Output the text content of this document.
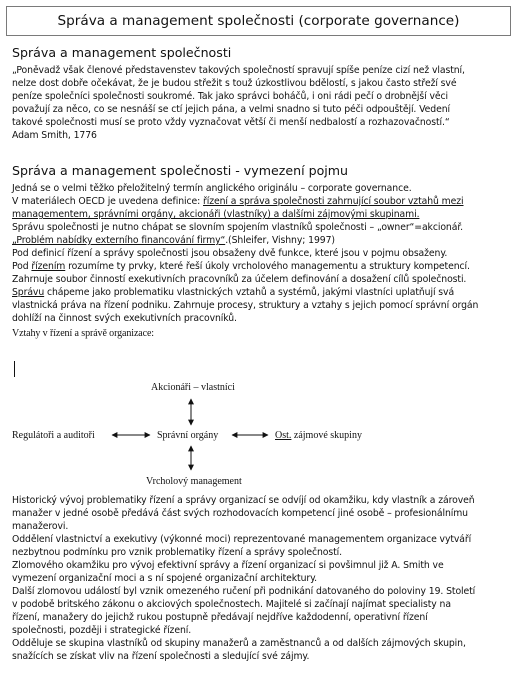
Správa a management společnosti (corporate governance)
Správa a management společnosti
„Poněvadž však členové představenstev takových společností spravují spíše peníze cizí než vlastní,
nelze dost dobře očekávat, že je budou střežit s touž úzkostlivou bdělostí, s jakou často střeží své
peníze společníci společnosti soukromé. Tak jako správci boháčů, i oni rádi pečí o drobnější věci
považují za něco, co se nesnáší se ctí jejich pána, a velmi snadno si tuto péči odpouštějí. Vedení
takové společnosti musí se proto vždy vyznačovat větší či menší nedbalostí a rozhazovačností.“
Adam Smith, 1776
Správa a management společnosti - vymezení pojmu
Jedná se o velmi těžko přeložitelný termín anglického originálu – corporate governance.
V materiálech OECD je uvedena definice: řízení a správa společnosti zahrnující soubor vztahů mezi
managementem, správními orgány, akcionáři (vlastníky) a dalšími zájmovými skupinami.
Správu společnosti je nutno chápat se slovním spojením vlastníků společnosti – „owner“=akcionář.
„Problém nabídky externího financování firmy“.(Shleifer, Vishny; 1997)
Pod definicí řízení a správy společnosti jsou obsaženy dvě funkce, které jsou v pojmu obsaženy.
Pod řízením rozumíme ty prvky, které řeší úkoly vrcholového managementu a struktury kompetencí.
Zahrnuje soubor činností exekutivních pracovníků za účelem definování a dosažení cílů společnosti.
Správu chápeme jako problematiku vlastnických vztahů a systémů, jakými vlastníci uplatňují svá
vlastnická práva na řízení podniku. Zahrnuje procesy, struktury a vztahy s jejich pomocí správní orgán
dohlíží na činnost svých exekutivních pracovníků.
Vztahy v řízení a správě organizace:
Akcionáři – vlastníci
Regulátoři a auditoři	Správní orgány	Ost. zájmové skupiny
Vrcholový management
Historický vývoj problematiky řízení a správy organizací se odvíjí od okamžiku, kdy vlastník a zároveň
manažer v jedné osobě předává část svých rozhodovacích kompetencí jiné osobě – profesionálnímu
manažerovi.
Oddělení vlastnictví a exekutivy (výkonné moci) reprezentované managementem organizace vytváří
nezbytnou podmínku pro vznik problematiky řízení a správy společností.
Zlomového okamžiku pro vývoj efektivní správy a řízení organizací si povšimnul již A. Smith ve
vymezení organizační moci a s ní spojené organizační architektury.
Další zlomovou událostí byl vznik omezeného ručení při podnikání datovaného do poloviny 19. Století
v podobě britského zákonu o akciových společnostech. Majitelé si začínají najímat specialisty na
řízení, manažery do jejichž rukou postupně předávají nejdříve každodenní, operativní řízení
společnosti, později i strategické řízení.
Odděluje se skupina vlastníků od skupiny manažerů a zaměstnanců a od dalších zájmových skupin,
snažících se získat vliv na řízení společnosti a sledující své zájmy.
